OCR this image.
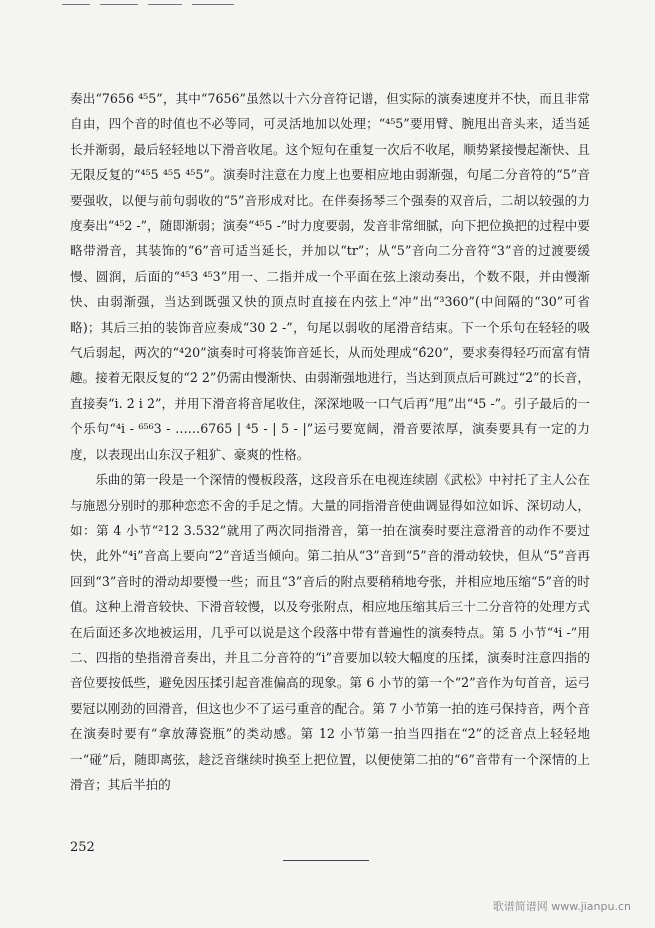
奏出“7656 ⁴⁵5”，其中“7656”虽然以十六分音符记谱，但实际的演奏速度并不快，而且非常自由，四个音的时值也不必等同，可灵活地加以处理；“⁴⁵5”要用臂、腕甩出音头来，适当延长并渐弱，最后轻轻地以下滑音收尾。这个短句在重复一次后不收尾，顺势紧接慢起渐快、且无限反复的“⁴⁵5 ⁴⁵5 ⁴⁵5”。演奏时注意在力度上也要相应地由弱渐强，句尾二分音符的“5”音要强收，以便与前句弱收的“5”音形成对比。在伴奏扬琴三个强奏的双音后，二胡以较强的力度奏出“⁴⁵2 -”，随即渐弱；演奏“⁴⁵5 -”时力度要弱，发音非常细腻，向下把位换把的过程中要略带滑音，其装饰的“6”音可适当延长，并加以“tr”；从“5”音向二分音符“3”音的过渡要缓慢、圆润，后面的“⁴⁵3 ⁴⁵3”用一、二指并成一个平面在弦上滚动奏出，个数不限，并由慢渐快、由弱渐强，当达到既强又快的顶点时直接在内弦上“冲”出“³360”(中间隔的“30”可省略)；其后三拍的装饰音应奏成“30 2 -”，句尾以弱收的尾滑音结束。下一个乐句在轻轻的吸气后弱起，两次的“⁴20”演奏时可将装饰音延长，从而处理成“6̂20”，要求奏得轻巧而富有情趣。接着无限反复的“2̇ 2̇”仍需由慢渐快、由弱渐强地进行，当达到顶点后可跳过“2̇”的长音，直接奏“i. 2̇ i 2̇”，并用下滑音将音尾收住，深深地吸一口气后再“甩”出“⁴5 -”。引子最后的一个乐句“⁴i - ⁶⁵⁶3 - ……6765 | ⁴5 - | 5 - |”运弓要宽阔，滑音要浓厚，演奏要具有一定的力度，以表现出山东汉子粗犷、豪爽的性格。

乐曲的第一段是一个深情的慢板段落，这段音乐在电视连续剧《武松》中衬托了主人公在与施恩分别时的那种恋恋不舍的手足之情。大量的同指滑音使曲调显得如泣如诉、深切动人，如：第 4 小节“²12 3.532”就用了两次同指滑音，第一拍在演奏时要注意滑音的动作不要过快，此外“⁴i”音高上要向“2̇”音适当倾向。第二拍从“3̇”音到“5̇”音的滑动较快，但从“5̇”音再回到“3̇”音时的滑动却要慢一些；而且“3̇”音后的附点要稍稍地夸张，并相应地压缩“5̇”音的时值。这种上滑音较快、下滑音较慢，以及夸张附点，相应地压缩其后三十二分音符的处理方式在后面还多次地被运用，几乎可以说是这个段落中带有普遍性的演奏特点。第 5 小节“⁴i -”用二、四指的垫指滑音奏出，并且二分音符的“i”音要加以较大幅度的压揉，演奏时注意四指的音位要按低些，避免因压揉引起音准偏高的现象。第 6 小节的第一个“2̇”音作为句首音，运弓要冠以刚劲的回滑音，但这也少不了运弓重音的配合。第 7 小节第一拍的连弓保持音，两个音在演奏时要有“拿放薄瓷瓶”的类动感。第 12 小节第一拍当四指在“2̇”的泛音点上轻轻地一“碰”后，随即离弦，趁泛音继续时换至上把位置，以便使第二拍的“6”音带有一个深情的上滑音；其后半拍的

252
歌谱简谱网 www.jianpu.cn
